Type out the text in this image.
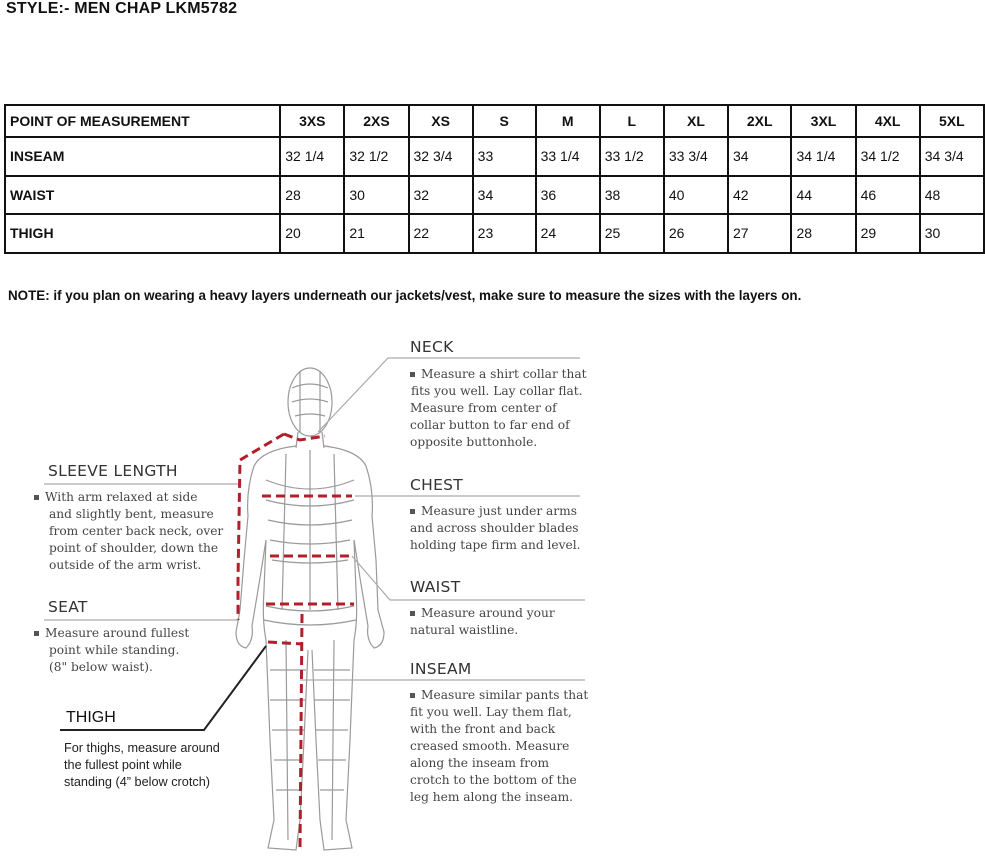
STYLE:- MEN CHAP LKM5782
POINT OF MEASUREMENT	3XS	2XS	XS	S	M	L	XL	2XL	3XL	4XL	5XL
INSEAM	32 1/4	32 1/2	32 3/4	33	33 1/4	33 1/2	33 3/4	34	34 1/4	34 1/2	34 3/4
WAIST	28	30	32	34	36	38	40	42	44	46	48
THIGH	20	21	22	23	24	25	26	27	28	29	30
NOTE: if you plan on wearing a heavy layers underneath our jackets/vest, make sure to measure the sizes with the layers on.
NECK
Measure a shirt collar that
fits you well. Lay collar flat.
Measure from center of
collar button to far end of
opposite buttonhole.
CHEST
Measure just under arms
and across shoulder blades
holding tape firm and level.
WAIST
Measure around your
natural waistline.
INSEAM
Measure similar pants that
fit you well. Lay them flat,
with the front and back
creased smooth. Measure
along the inseam from
crotch to the bottom of the
leg hem along the inseam.
SLEEVE LENGTH
With arm relaxed at side
and slightly bent, measure
from center back neck, over
point of shoulder, down the
outside of the arm wrist.
SEAT
Measure around fullest
point while standing.
(8" below waist).
THIGH
For thighs, measure around
the fullest point while
standing (4” below crotch)
